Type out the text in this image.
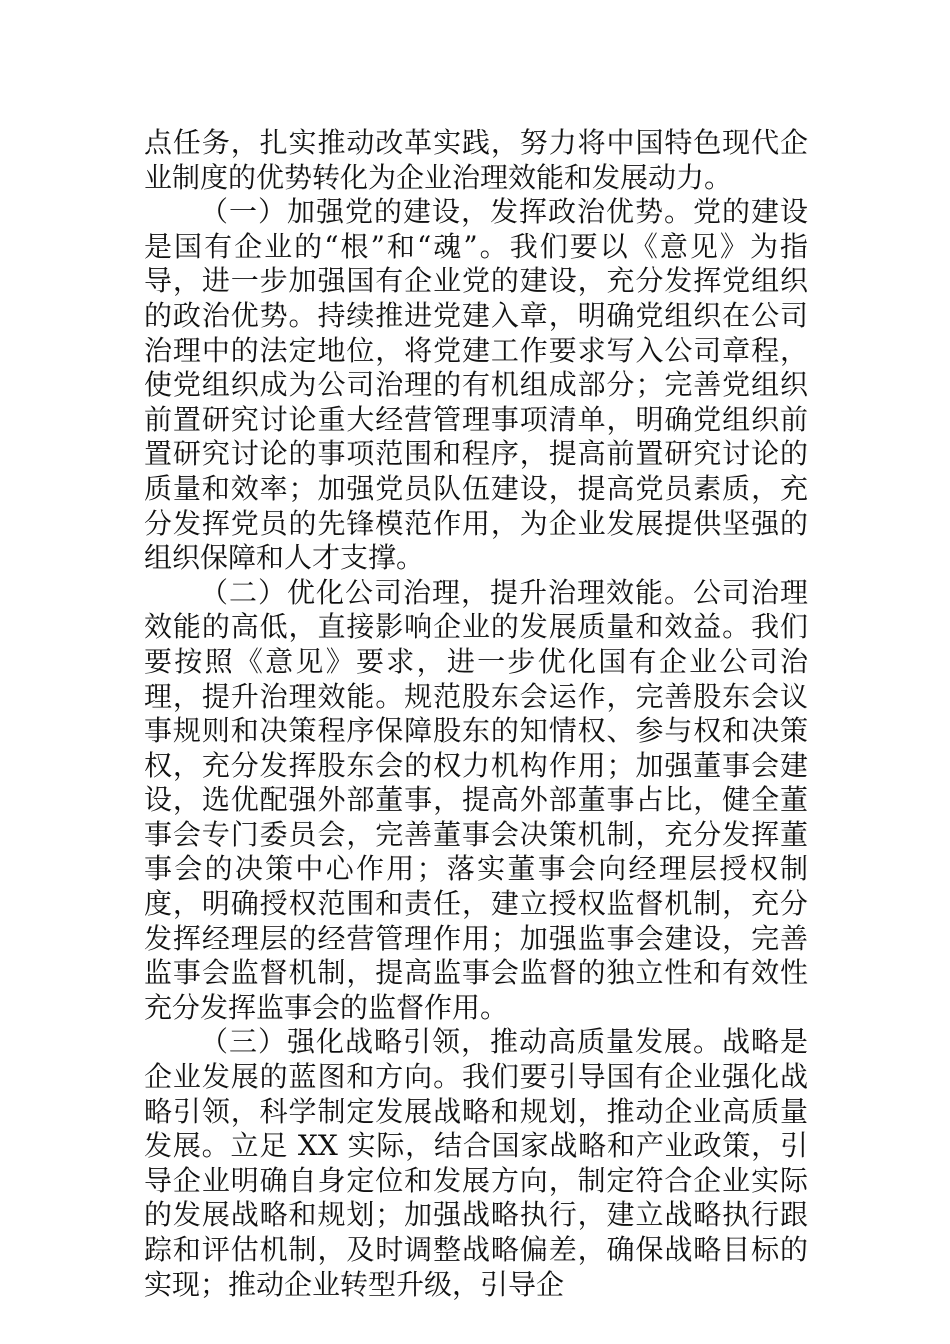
点任务，扎实推动改革实践，努力将中国特色现代企业制度的优势转化为企业治理效能和发展动力。

（一）加强党的建设，发挥政治优势。党的建设是国有企业的“根”和“魂”。我们要以《意见》为指导，进一步加强国有企业党的建设，充分发挥党组织的政治优势。持续推进党建入章，明确党组织在公司治理中的法定地位，将党建工作要求写入公司章程，使党组织成为公司治理的有机组成部分；完善党组织前置研究讨论重大经营管理事项清单，明确党组织前置研究讨论的事项范围和程序，提高前置研究讨论的质量和效率；加强党员队伍建设，提高党员素质，充分发挥党员的先锋模范作用，为企业发展提供坚强的组织保障和人才支撑。

（二）优化公司治理，提升治理效能。公司治理效能的高低，直接影响企业的发展质量和效益。我们要按照《意见》要求，进一步优化国有企业公司治理，提升治理效能。规范股东会运作，完善股东会议事规则和决策程序保障股东的知情权、参与权和决策权，充分发挥股东会的权力机构作用；加强董事会建设，选优配强外部董事，提高外部董事占比，健全董事会专门委员会，完善董事会决策机制，充分发挥董事会的决策中心作用；落实董事会向经理层授权制度，明确授权范围和责任，建立授权监督机制，充分发挥经理层的经营管理作用；加强监事会建设，完善监事会监督机制，提高监事会监督的独立性和有效性充分发挥监事会的监督作用。

（三）强化战略引领，推动高质量发展。战略是企业发展的蓝图和方向。我们要引导国有企业强化战略引领，科学制定发展战略和规划，推动企业高质量发展。立足 XX 实际，结合国家战略和产业政策，引导企业明确自身定位和发展方向，制定符合企业实际的发展战略和规划；加强战略执行，建立战略执行跟踪和评估机制，及时调整战略偏差，确保战略目标的实现；推动企业转型升级，引导企
